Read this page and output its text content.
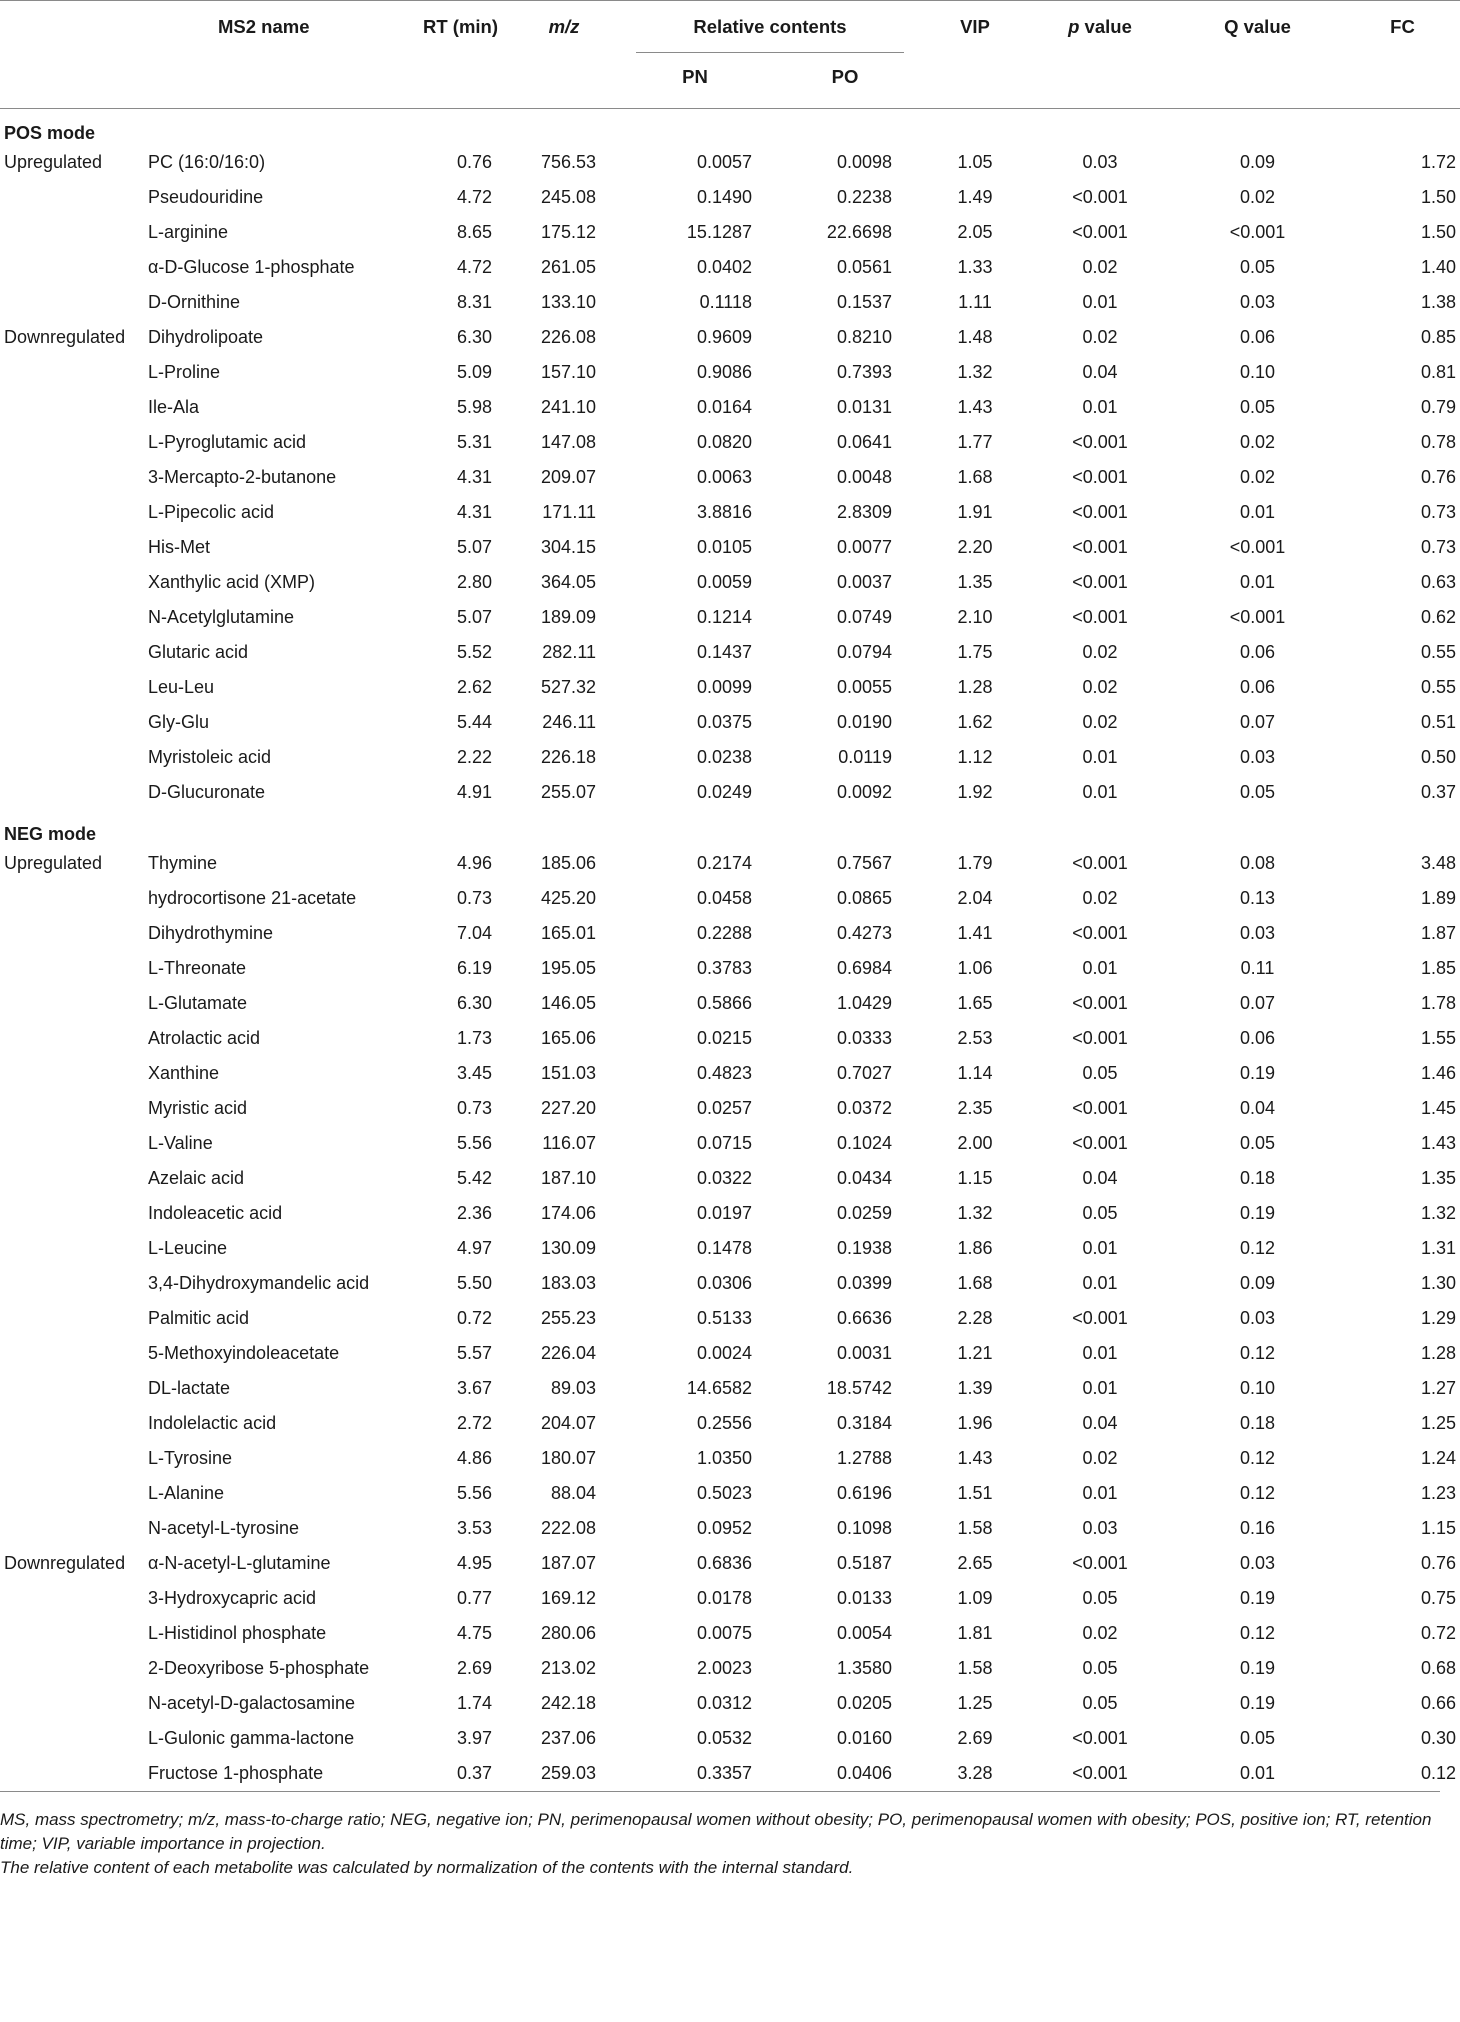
	MS2 name	RT (min)	m/z	Relative contents		VIP	p value	Q value	FC
				PN	PO				
POS mode									
Upregulated	PC (16:0/16:0)	0.76	756.53	0.0057	0.0098	1.05	0.03	0.09	1.72
	Pseudouridine	4.72	245.08	0.1490	0.2238	1.49	<0.001	0.02	1.50
	L-arginine	8.65	175.12	15.1287	22.6698	2.05	<0.001	<0.001	1.50
	α-D-Glucose 1-phosphate	4.72	261.05	0.0402	0.0561	1.33	0.02	0.05	1.40
	D-Ornithine	8.31	133.10	0.1118	0.1537	1.11	0.01	0.03	1.38
Downregulated	Dihydrolipoate	6.30	226.08	0.9609	0.8210	1.48	0.02	0.06	0.85
	L-Proline	5.09	157.10	0.9086	0.7393	1.32	0.04	0.10	0.81
	Ile-Ala	5.98	241.10	0.0164	0.0131	1.43	0.01	0.05	0.79
	L-Pyroglutamic acid	5.31	147.08	0.0820	0.0641	1.77	<0.001	0.02	0.78
	3-Mercapto-2-butanone	4.31	209.07	0.0063	0.0048	1.68	<0.001	0.02	0.76
	L-Pipecolic acid	4.31	171.11	3.8816	2.8309	1.91	<0.001	0.01	0.73
	His-Met	5.07	304.15	0.0105	0.0077	2.20	<0.001	<0.001	0.73
	Xanthylic acid (XMP)	2.80	364.05	0.0059	0.0037	1.35	<0.001	0.01	0.63
	N-Acetylglutamine	5.07	189.09	0.1214	0.0749	2.10	<0.001	<0.001	0.62
	Glutaric acid	5.52	282.11	0.1437	0.0794	1.75	0.02	0.06	0.55
	Leu-Leu	2.62	527.32	0.0099	0.0055	1.28	0.02	0.06	0.55
	Gly-Glu	5.44	246.11	0.0375	0.0190	1.62	0.02	0.07	0.51
	Myristoleic acid	2.22	226.18	0.0238	0.0119	1.12	0.01	0.03	0.50
	D-Glucuronate	4.91	255.07	0.0249	0.0092	1.92	0.01	0.05	0.37
NEG mode									
Upregulated	Thymine	4.96	185.06	0.2174	0.7567	1.79	<0.001	0.08	3.48
	hydrocortisone 21-acetate	0.73	425.20	0.0458	0.0865	2.04	0.02	0.13	1.89
	Dihydrothymine	7.04	165.01	0.2288	0.4273	1.41	<0.001	0.03	1.87
	L-Threonate	6.19	195.05	0.3783	0.6984	1.06	0.01	0.11	1.85
	L-Glutamate	6.30	146.05	0.5866	1.0429	1.65	<0.001	0.07	1.78
	Atrolactic acid	1.73	165.06	0.0215	0.0333	2.53	<0.001	0.06	1.55
	Xanthine	3.45	151.03	0.4823	0.7027	1.14	0.05	0.19	1.46
	Myristic acid	0.73	227.20	0.0257	0.0372	2.35	<0.001	0.04	1.45
	L-Valine	5.56	116.07	0.0715	0.1024	2.00	<0.001	0.05	1.43
	Azelaic acid	5.42	187.10	0.0322	0.0434	1.15	0.04	0.18	1.35
	Indoleacetic acid	2.36	174.06	0.0197	0.0259	1.32	0.05	0.19	1.32
	L-Leucine	4.97	130.09	0.1478	0.1938	1.86	0.01	0.12	1.31
	3,4-Dihydroxymandelic acid	5.50	183.03	0.0306	0.0399	1.68	0.01	0.09	1.30
	Palmitic acid	0.72	255.23	0.5133	0.6636	2.28	<0.001	0.03	1.29
	5-Methoxyindoleacetate	5.57	226.04	0.0024	0.0031	1.21	0.01	0.12	1.28
	DL-lactate	3.67	89.03	14.6582	18.5742	1.39	0.01	0.10	1.27
	Indolelactic acid	2.72	204.07	0.2556	0.3184	1.96	0.04	0.18	1.25
	L-Tyrosine	4.86	180.07	1.0350	1.2788	1.43	0.02	0.12	1.24
	L-Alanine	5.56	88.04	0.5023	0.6196	1.51	0.01	0.12	1.23
	N-acetyl-L-tyrosine	3.53	222.08	0.0952	0.1098	1.58	0.03	0.16	1.15
Downregulated	α-N-acetyl-L-glutamine	4.95	187.07	0.6836	0.5187	2.65	<0.001	0.03	0.76
	3-Hydroxycapric acid	0.77	169.12	0.0178	0.0133	1.09	0.05	0.19	0.75
	L-Histidinol phosphate	4.75	280.06	0.0075	0.0054	1.81	0.02	0.12	0.72
	2-Deoxyribose 5-phosphate	2.69	213.02	2.0023	1.3580	1.58	0.05	0.19	0.68
	N-acetyl-D-galactosamine	1.74	242.18	0.0312	0.0205	1.25	0.05	0.19	0.66
	L-Gulonic gamma-lactone	3.97	237.06	0.0532	0.0160	2.69	<0.001	0.05	0.30
	Fructose 1-phosphate	0.37	259.03	0.3357	0.0406	3.28	<0.001	0.01	0.12

MS, mass spectrometry; m/z, mass-to-charge ratio; NEG, negative ion; PN, perimenopausal women without obesity; PO, perimenopausal women with obesity; POS, positive ion; RT, retention time; VIP, variable importance in projection.

The relative content of each metabolite was calculated by normalization of the contents with the internal standard.
